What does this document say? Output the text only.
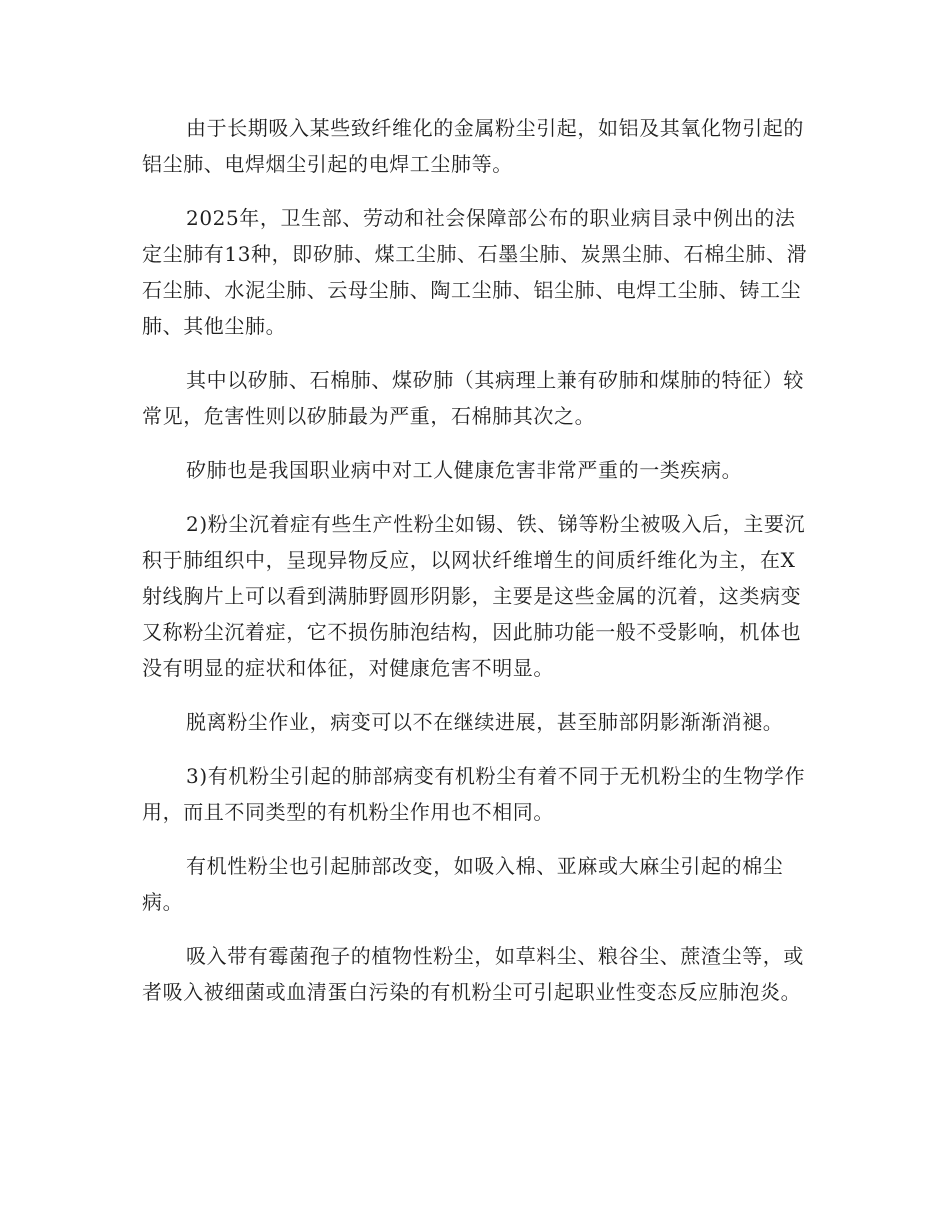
由于长期吸入某些致纤维化的金属粉尘引起，如铝及其氧化物引起的铝尘肺、电焊烟尘引起的电焊工尘肺等。

2025年，卫生部、劳动和社会保障部公布的职业病目录中例出的法定尘肺有13种，即矽肺、煤工尘肺、石墨尘肺、炭黑尘肺、石棉尘肺、滑石尘肺、水泥尘肺、云母尘肺、陶工尘肺、铝尘肺、电焊工尘肺、铸工尘肺、其他尘肺。

其中以矽肺、石棉肺、煤矽肺（其病理上兼有矽肺和煤肺的特征）较常见，危害性则以矽肺最为严重，石棉肺其次之。

矽肺也是我国职业病中对工人健康危害非常严重的一类疾病。

2)粉尘沉着症有些生产性粉尘如锡、铁、锑等粉尘被吸入后，主要沉积于肺组织中，呈现异物反应，以网状纤维增生的间质纤维化为主，在X射线胸片上可以看到满肺野圆形阴影，主要是这些金属的沉着，这类病变又称粉尘沉着症，它不损伤肺泡结构，因此肺功能一般不受影响，机体也没有明显的症状和体征，对健康危害不明显。

脱离粉尘作业，病变可以不在继续进展，甚至肺部阴影渐渐消褪。

3)有机粉尘引起的肺部病变有机粉尘有着不同于无机粉尘的生物学作用，而且不同类型的有机粉尘作用也不相同。

有机性粉尘也引起肺部改变，如吸入棉、亚麻或大麻尘引起的棉尘病。

吸入带有霉菌孢子的植物性粉尘，如草料尘、粮谷尘、蔗渣尘等，或者吸入被细菌或血清蛋白污染的有机粉尘可引起职业性变态反应肺泡炎。
